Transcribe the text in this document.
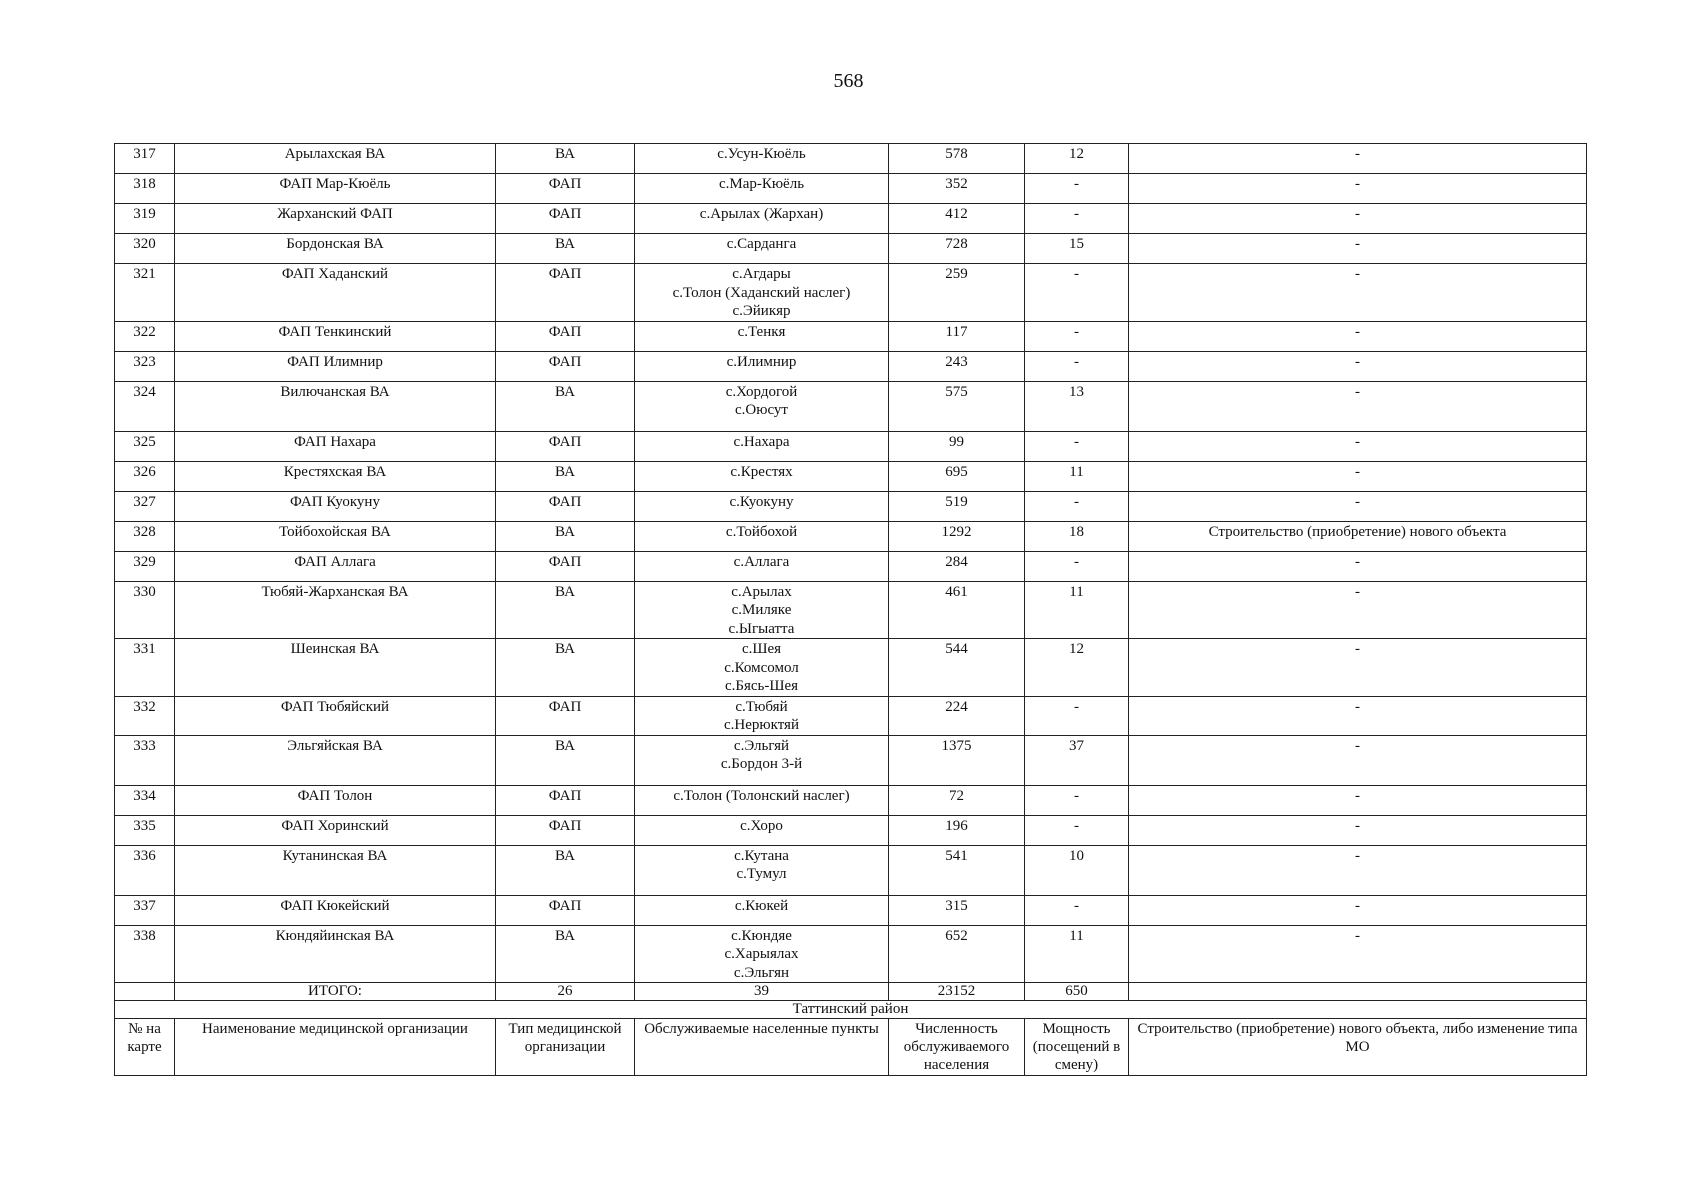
568
317	Арылахская ВА	ВА	с.Усун-Кюёль	578	12	-
318	ФАП Мар-Кюёль	ФАП	с.Мар-Кюёль	352	-	-
319	Жарханский ФАП	ФАП	с.Арылах (Жархан)	412	-	-
320	Бордонская ВА	ВА	с.Сарданга	728	15	-
321	ФАП Хаданский	ФАП	с.Агдары
с.Толон (Хаданский наслег)
с.Эйикяр	259	-	-
322	ФАП Тенкинский	ФАП	с.Тенкя	117	-	-
323	ФАП Илимнир	ФАП	с.Илимнир	243	-	-
324	Вилючанская ВА	ВА	с.Хордогой
с.Оюсут	575	13	-
325	ФАП Нахара	ФАП	с.Нахара	99	-	-
326	Крестяхская ВА	ВА	с.Крестях	695	11	-
327	ФАП Куокуну	ФАП	с.Куокуну	519	-	-
328	Тойбохойская ВА	ВА	с.Тойбохой	1292	18	Строительство (приобретение) нового объекта
329	ФАП Аллага	ФАП	с.Аллага	284	-	-
330	Тюбяй-Жарханская ВА	ВА	с.Арылах
с.Миляке
с.Ыгыатта	461	11	-
331	Шеинская ВА	ВА	с.Шея
с.Комсомол
с.Бясь-Шея	544	12	-
332	ФАП Тюбяйский	ФАП	с.Тюбяй
с.Нерюктяй	224	-	-
333	Эльгяйская ВА	ВА	с.Эльгяй
с.Бордон 3-й	1375	37	-
334	ФАП Толон	ФАП	с.Толон (Толонский наслег)	72	-	-
335	ФАП Хоринский	ФАП	с.Хоро	196	-	-
336	Кутанинская ВА	ВА	с.Кутана
с.Тумул	541	10	-
337	ФАП Кюкейский	ФАП	с.Кюкей	315	-	-
338	Кюндяйинская ВА	ВА	с.Кюндяе
с.Харыялах
с.Эльгян	652	11	-
	ИТОГО:	26	39	23152	650	
Таттинский район						
№ на карте	Наименование медицинской организации	Тип медицинской организации	Обслуживаемые населенные пункты	Численность обслуживаемого населения	Мощность (посещений в смену)	Строительство (приобретение) нового объекта, либо изменение типа МО
